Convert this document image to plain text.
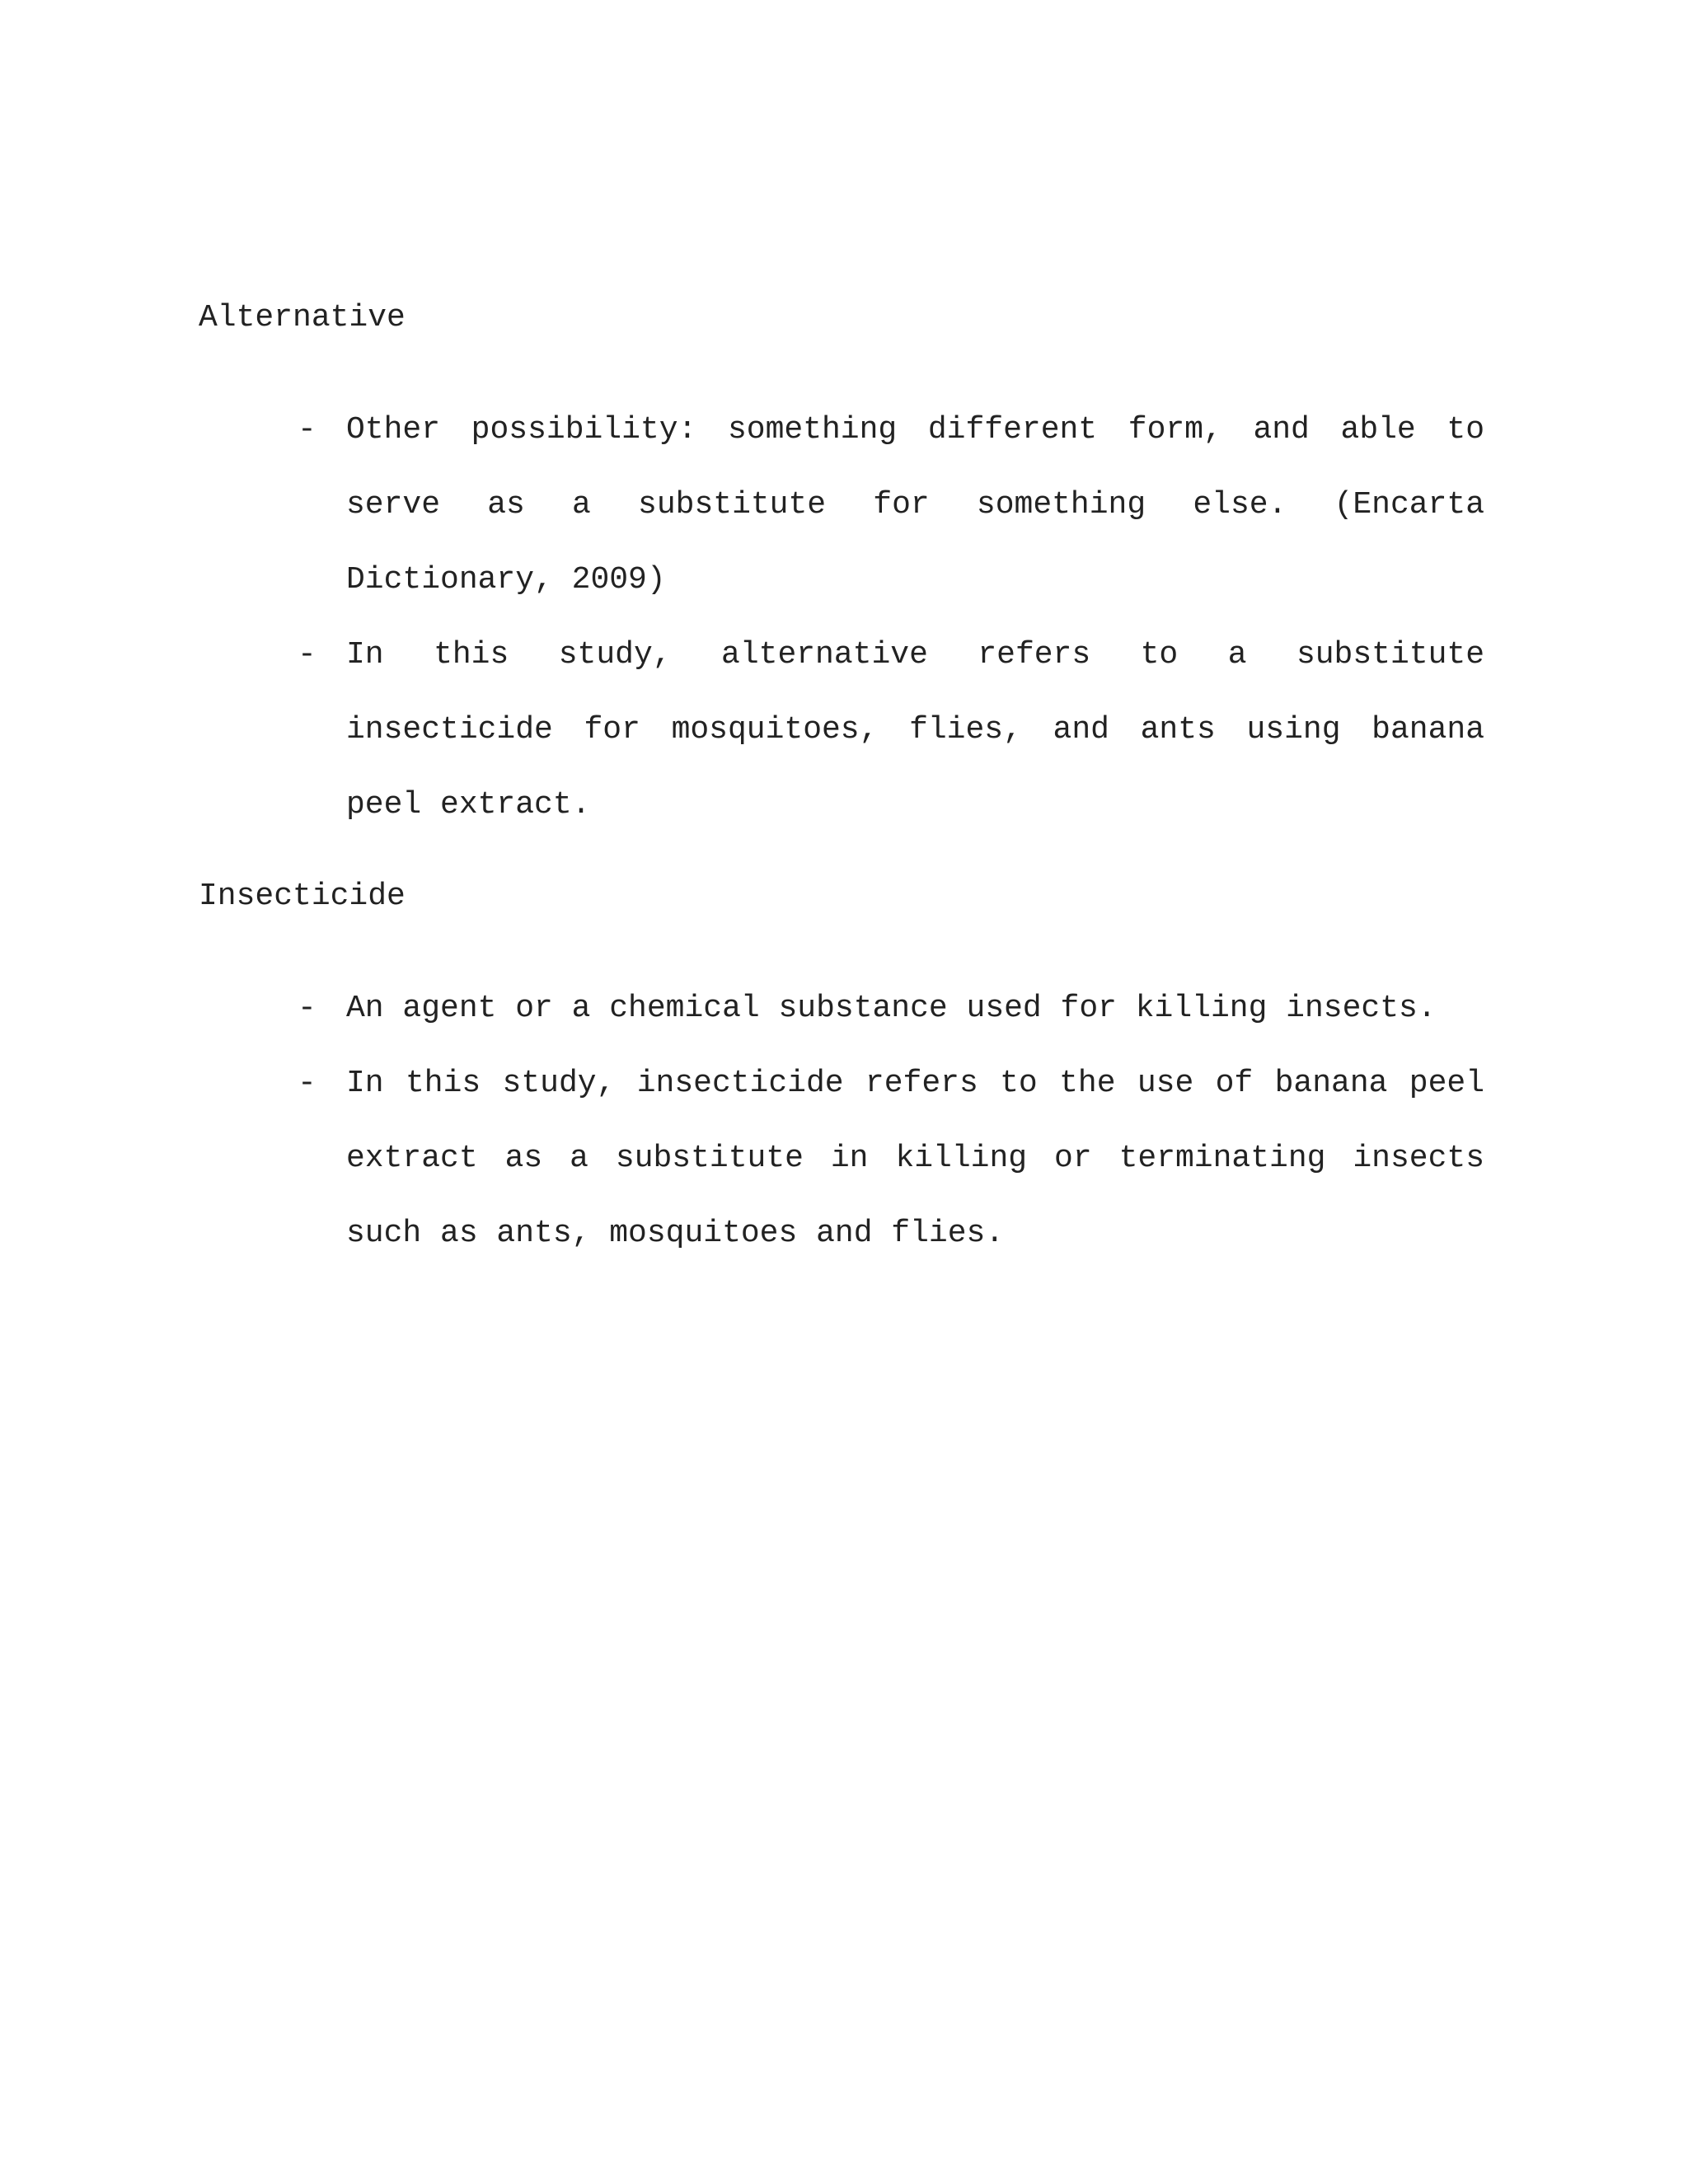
Alternative

- Other possibility: something different form, and able to serve as a substitute for something else. (Encarta Dictionary, 2009)
- In this study, alternative refers to a substitute insecticide for mosquitoes, flies, and ants using banana peel extract.

Insecticide

- An agent or a chemical substance used for killing insects.
- In this study, insecticide refers to the use of banana peel extract as a substitute in killing or terminating insects such as ants, mosquitoes and flies.
